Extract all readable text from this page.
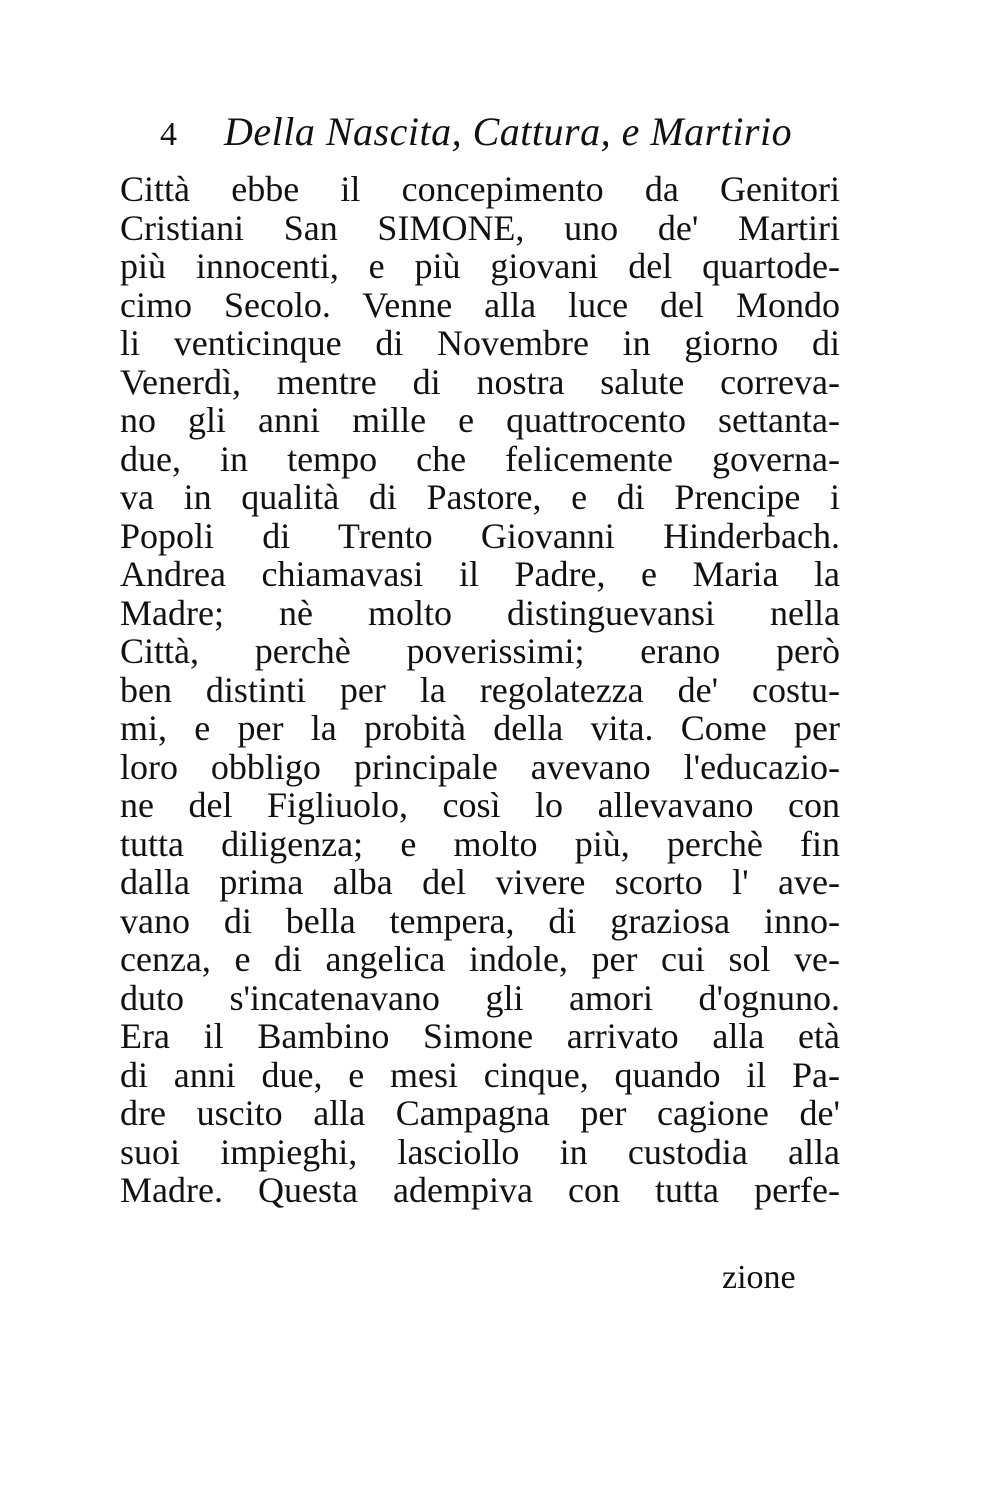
4	Della Nascita, Cattura, e Martirio
Città ebbe il concepimento da Genitori
Cristiani San SIMONE, uno de' Martiri
più innocenti, e più giovani del quartode-
cimo Secolo. Venne alla luce del Mondo
li venticinque di Novembre in giorno di
Venerdì, mentre di nostra salute correva-
no gli anni mille e quattrocento settanta-
due, in tempo che felicemente governa-
va in qualità di Pastore, e di Prencipe i
Popoli di Trento Giovanni Hinderbach.
Andrea chiamavasi il Padre, e Maria la
Madre; nè molto distinguevansi nella
Città, perchè poverissimi; erano però
ben distinti per la regolatezza de' costu-
mi, e per la probità della vita. Come per
loro obbligo principale avevano l'educazio-
ne del Figliuolo, così lo allevavano con
tutta diligenza; e molto più, perchè fin
dalla prima alba del vivere scorto l' ave-
vano di bella tempera, di graziosa inno-
cenza, e di angelica indole, per cui sol ve-
duto s'incatenavano gli amori d'ognuno.
Era il Bambino Simone arrivato alla età
di anni due, e mesi cinque, quando il Pa-
dre uscito alla Campagna per cagione de'
suoi impieghi, lasciollo in custodia alla
Madre. Questa adempiva con tutta perfe-
zione
